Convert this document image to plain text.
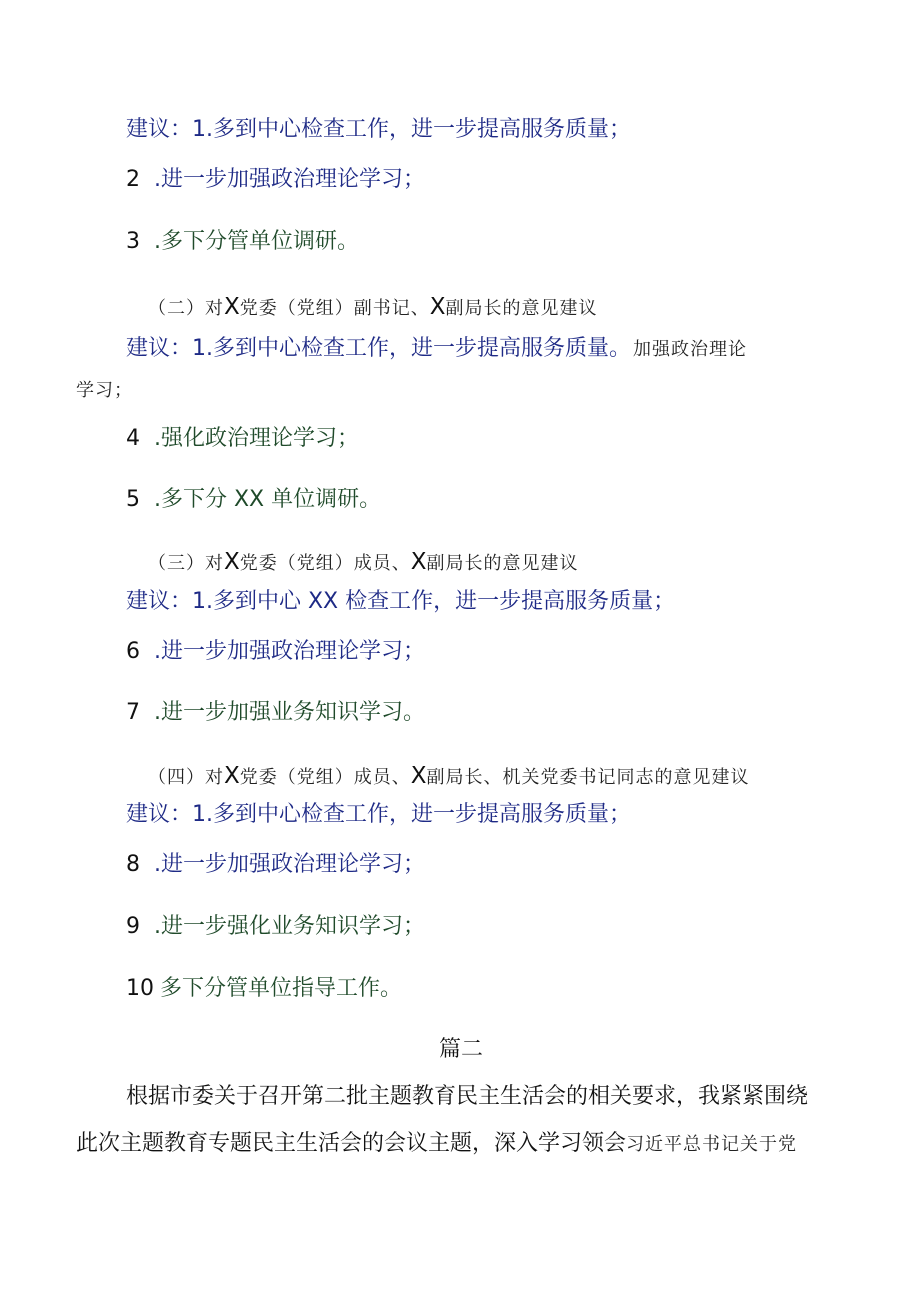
建议：1.多到中心检查工作，进一步提高服务质量；
2 .进一步加强政治理论学习；
3 .多下分管单位调研。
（二）对X党委（党组）副书记、X副局长的意见建议
建议：1.多到中心检查工作，进一步提高服务质量。 加强政治理论
学习；
4 .强化政治理论学习；
5 .多下分 XX 单位调研。
（三）对X党委（党组）成员、X副局长的意见建议
建议：1.多到中心 XX 检查工作，进一步提高服务质量；
6 .进一步加强政治理论学习；
7 .进一步加强业务知识学习。
（四）对X党委（党组）成员、X副局长、机关党委书记同志的意见建议
建议：1.多到中心检查工作，进一步提高服务质量；
8 .进一步加强政治理论学习；
9 .进一步强化业务知识学习；
10 多下分管单位指导工作。
篇二
根据市委关于召开第二批主题教育民主生活会的相关要求，我紧紧围绕
此次主题教育专题民主生活会的会议主题，深入学习领会习近平总书记关于党
